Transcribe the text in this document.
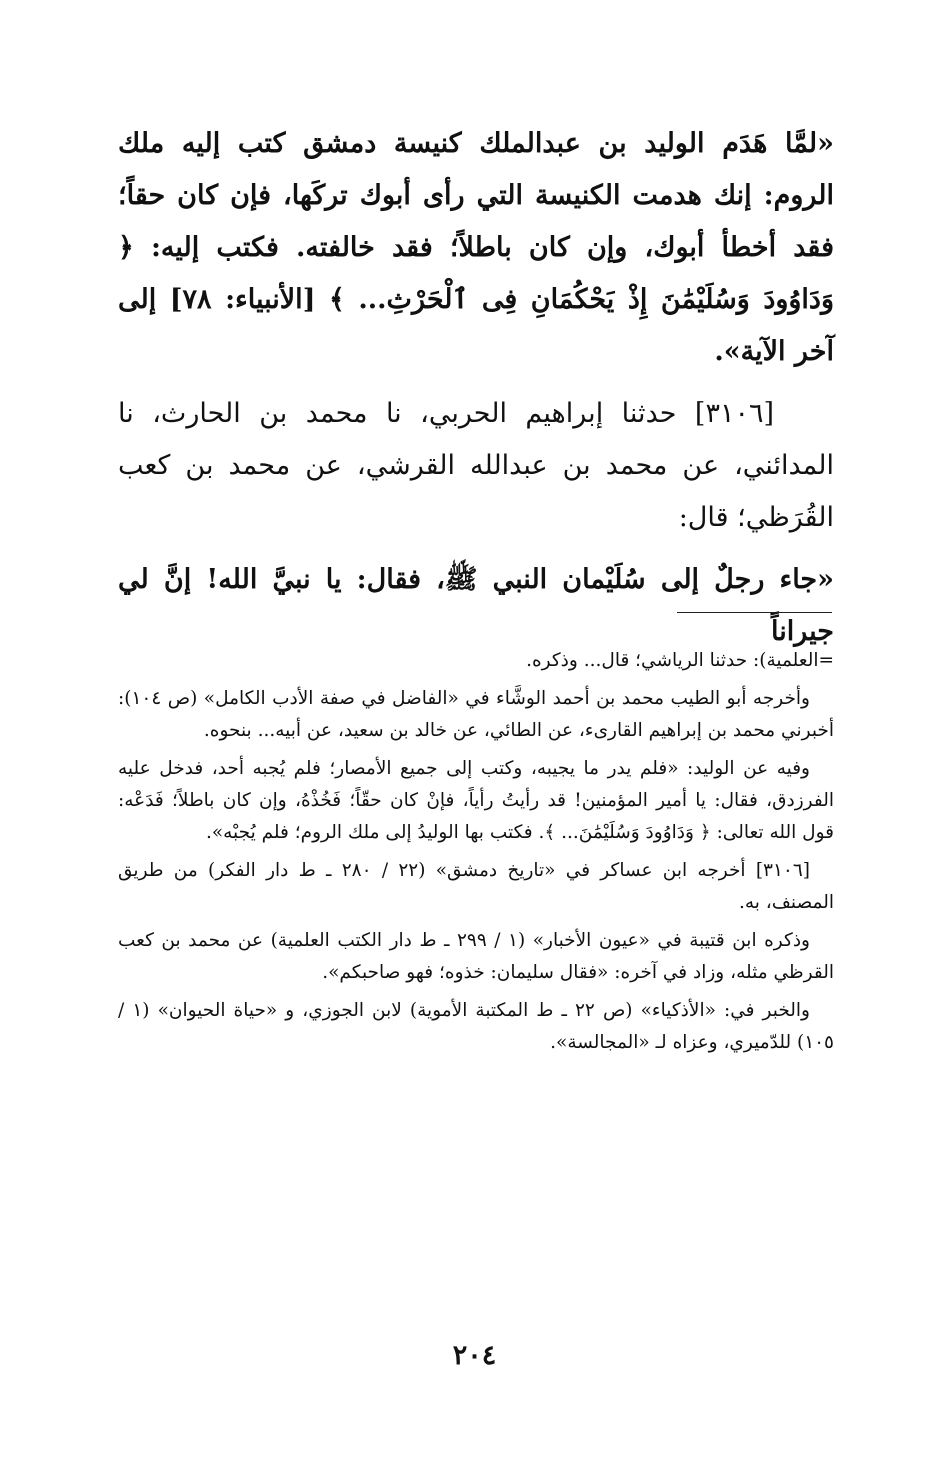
«لمَّا هَدَم الوليد بن عبدالملك كنيسة دمشق كتب إليه ملك الروم: إنك هدمت الكنيسة التي رأى أبوك تركَها، فإن كان حقاً؛ فقد أخطأ أبوك، وإن كان باطلاً؛ فقد خالفته. فكتب إليه: ﴿ وَدَاوُودَ وَسُلَيْمَٰنَ إِذْ يَحْكُمَانِ فِى ٱلْحَرْثِ... ﴾ [الأنبياء: ٧٨] إلى آخر الآية».

[٣١٠٦] حدثنا إبراهيم الحربي، نا محمد بن الحارث، نا المدائني، عن محمد بن عبدالله القرشي، عن محمد بن كعب القُرَظي؛ قال:

«جاء رجلٌ إلى سُلَيْمان النبي ﷺ، فقال: يا نبيَّ الله! إنَّ لي جيراناً

=العلمية): حدثنا الرياشي؛ قال... وذكره.

وأخرجه أبو الطيب محمد بن أحمد الوشَّاء في «الفاضل في صفة الأدب الكامل» (ص ١٠٤): أخبرني محمد بن إبراهيم القارىء، عن الطائي، عن خالد بن سعيد، عن أبيه... بنحوه.

وفيه عن الوليد: «فلم يدر ما يجيبه، وكتب إلى جميع الأمصار؛ فلم يُجبه أحد، فدخل عليه الفرزدق، فقال: يا أمير المؤمنين! قد رأيتُ رأياً، فإنْ كان حقّاً؛ فَخُذْهُ، وإن كان باطلاً؛ فَدَعْه: قول الله تعالى: ﴿ وَدَاوُودَ وَسُلَيْمَٰنَ... ﴾. فكتب بها الوليدُ إلى ملك الروم؛ فلم يُجبْه».

[٣١٠٦] أخرجه ابن عساكر في «تاريخ دمشق» (٢٢ / ٢٨٠ ـ ط دار الفكر) من طريق المصنف، به.

وذكره ابن قتيبة في «عيون الأخبار» (١ / ٢٩٩ ـ ط دار الكتب العلمية) عن محمد بن كعب القرظي مثله، وزاد في آخره: «فقال سليمان: خذوه؛ فهو صاحبكم».

والخبر في: «الأذكياء» (ص ٢٢ ـ ط المكتبة الأموية) لابن الجوزي، و «حياة الحيوان» (١ / ١٠٥) للدّميري، وعزاه لـ «المجالسة».

٢٠٤
